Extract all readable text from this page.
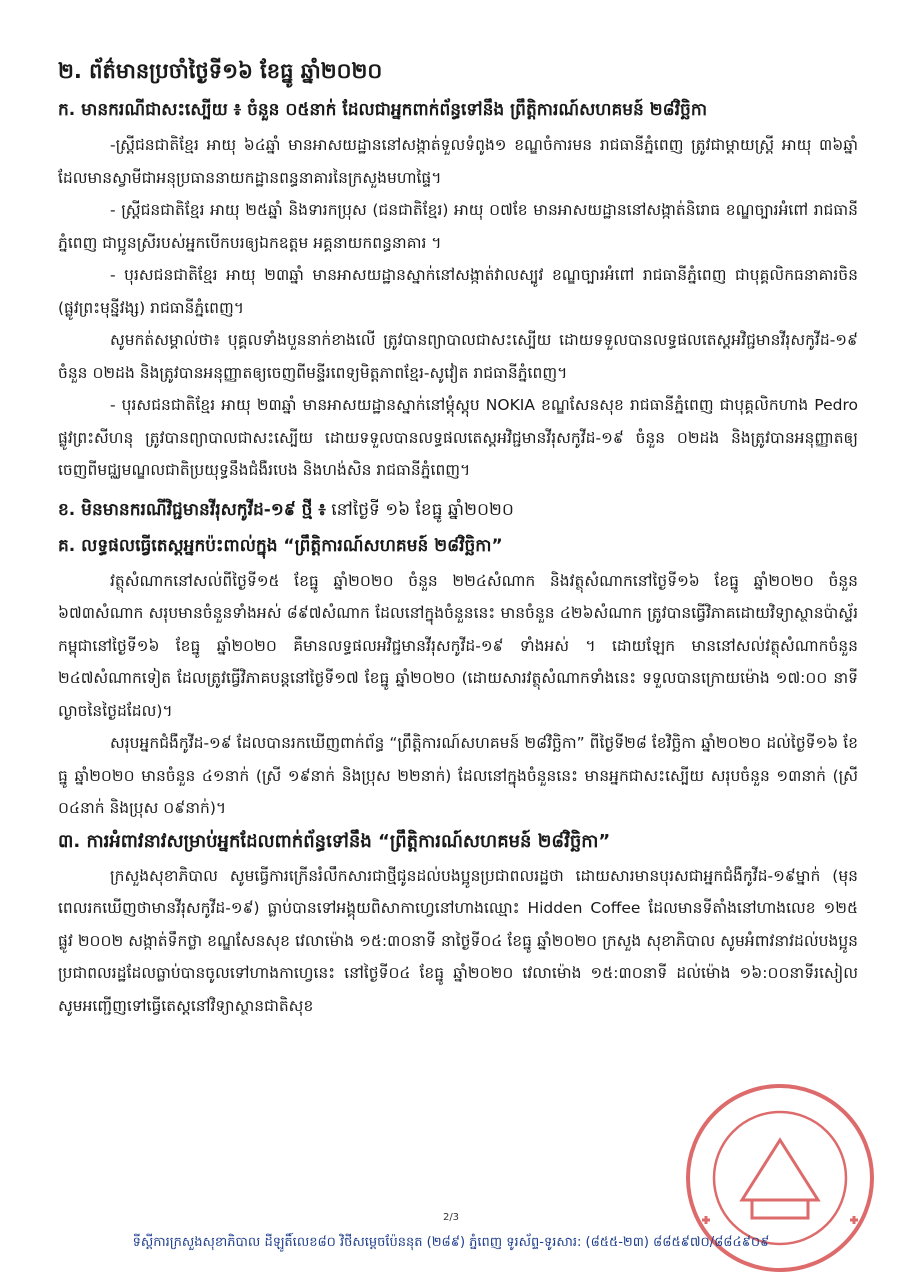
២. ព័ត៌មានប្រចាំថ្ងៃទី១៦ ខែធ្នូ ឆ្នាំ២០២០
ក. មានករណីជាសះស្បើយ ៖ ចំនួន ០៥នាក់ ដែលជាអ្នកពាក់ព័ន្ធទៅនឹង ព្រឹត្តិការណ៍សហគមន៍ ២៨វិច្ឆិកា

-ស្ត្រីជនជាតិខ្មែរ អាយុ ៦៤ឆ្នាំ មានអាសយដ្ឋាននៅសង្កាត់ទួលទំពូង១ ខណ្ឌចំការមន រាជធានីភ្នំពេញ ត្រូវជាម្ដាយស្ត្រី អាយុ ៣៦ឆ្នាំ ដែលមានស្វាមីជាអនុប្រធាននាយកដ្ឋានពន្ធនាគារនៃក្រសួងមហាផ្ទៃ។

- ស្ត្រីជនជាតិខ្មែរ អាយុ ២៥ឆ្នាំ និងទារកប្រុស (ជនជាតិខ្មែរ) អាយុ ០៧ខែ មានអាសយដ្ឋាននៅសង្កាត់និរោធ ខណ្ឌច្បារអំពៅ រាជធានីភ្នំពេញ ជាប្អូនស្រីរបស់អ្នកបើកបរឲ្យឯកឧត្តម អគ្គនាយកពន្ធនាគារ ។

- បុរសជនជាតិខ្មែរ អាយុ ២៣ឆ្នាំ មានអាសយដ្ឋានស្នាក់នៅសង្កាត់វាលស្បូវ ខណ្ឌច្បារអំពៅ រាជធានីភ្នំពេញ ជាបុគ្គលិកធនាគារចិន (ផ្លូវព្រះមុន្នីវង្ស) រាជធានីភ្នំពេញ។

សូមកត់សម្គាល់ថា៖ បុគ្គលទាំងបួននាក់ខាងលើ ត្រូវបានព្យាបាលជាសះស្បើយ ដោយទទួលបានលទ្ធផលតេស្តអវិជ្ជមានវីរុសកូវីដ-១៩ ចំនួន ០២ដង និងត្រូវបានអនុញ្ញាតឲ្យចេញពីមន្ទីរពេទ្យមិត្តភាពខ្មែរ-សូវៀត រាជធានីភ្នំពេញ។

- បុរសជនជាតិខ្មែរ អាយុ ២៣ឆ្នាំ មានអាសយដ្ឋានស្នាក់នៅម្តុំស្តុប NOKIA ខណ្ឌសែនសុខ រាជធានីភ្នំពេញ ជាបុគ្គលិកហាង Pedro ផ្លូវព្រះសីហនុ ត្រូវបានព្យាបាលជាសះស្បើយ ដោយទទួលបានលទ្ធផលតេស្តអវិជ្ជមានវីរុសកូវីដ-១៩ ចំនួន ០២ដង និងត្រូវបានអនុញ្ញាតឲ្យចេញពីមជ្ឈមណ្ឌលជាតិប្រយុទ្ធនឹងជំងឺរបេង និងហង់សិន រាជធានីភ្នំពេញ។

ខ. មិនមានករណីវិជ្ជមានវីរុសកូវីដ-១៩ ថ្មី ៖ នៅថ្ងៃទី ១៦ ខែធ្នូ ឆ្នាំ២០២០
គ. លទ្ធផលធ្វើតេស្តអ្នកប៉ះពាល់ក្នុង “ព្រឹត្តិការណ៍សហគមន៍ ២៨វិច្ឆិកា”

វត្ថុសំណាកនៅសល់ពីថ្ងៃទី១៥ ខែធ្នូ ឆ្នាំ២០២០ ចំនួន ២២៤សំណាក និងវត្ថុសំណាកនៅថ្ងៃទី១៦ ខែធ្នូ ឆ្នាំ២០២០ ចំនួន ៦៧៣សំណាក សរុបមានចំនួនទាំងអស់ ៨៩៧សំណាក ដែលនៅក្នុងចំនួននេះ មានចំនួន ៤២៦សំណាក ត្រូវបានធ្វើវិភាគដោយវិទ្យាស្ថានប៉ាស្ទ័រកម្ពុជានៅថ្ងៃទី១៦ ខែធ្នូ ឆ្នាំ២០២០ គឺមានលទ្ធផលអវិជ្ជមានវីរុសកូវីដ-១៩ ទាំងអស់ ។ ដោយឡែក មាននៅសល់វត្ថុសំណាកចំនួន ២៤៧សំណាកទៀត ដែលត្រូវធ្វើវិភាគបន្តនៅថ្ងៃទី១៧ ខែធ្នូ ឆ្នាំ២០២០ (ដោយសារវត្ថុសំណាកទាំងនេះ ទទួលបានក្រោយម៉ោង ១៧:០០ នាទីល្ងាចនៃថ្ងៃដដែល)។

សរុបអ្នកជំងឺកូវីដ-១៩ ដែលបានរកឃើញពាក់ព័ន្ធ “ព្រឹត្តិការណ៍សហគមន៍ ២៨វិច្ឆិកា” ពីថ្ងៃទី២៨ ខែវិច្ឆិកា ឆ្នាំ២០២០ ដល់ថ្ងៃទី១៦ ខែធ្នូ ឆ្នាំ២០២០ មានចំនួន ៤១នាក់ (ស្រី ១៩នាក់ និងប្រុស ២២នាក់) ដែលនៅក្នុងចំនួននេះ មានអ្នកជាសះស្បើយ សរុបចំនួន ១៣នាក់ (ស្រី ០៤នាក់ និងប្រុស ០៩នាក់)។

៣. ការអំពាវនាវសម្រាប់អ្នកដែលពាក់ព័ន្ធទៅនឹង “ព្រឹត្តិការណ៍សហគមន៍ ២៨វិច្ឆិកា”

ក្រសួងសុខាភិបាល សូមធ្វើការក្រើនរំលឹកសារជាថ្មីជូនដល់បងប្អូនប្រជាពលរដ្ឋថា ដោយសារមានបុរសជាអ្នកជំងឺកូវីដ-១៩ម្នាក់ (មុនពេលរកឃើញថាមានវីរុសកូវីដ-១៩) ធ្លាប់បានទៅអង្គុយពិសាកាហ្វេនៅហាងឈ្មោះ Hidden Coffee ដែលមានទីតាំងនៅហាងលេខ ១២៥ ផ្លូវ ២០០២ សង្កាត់ទឹកថ្លា ខណ្ឌសែនសុខ វេលាម៉ោង ១៥:៣០នាទី នាថ្ងៃទី០៤ ខែធ្នូ ឆ្នាំ២០២០ ក្រសួង សុខាភិបាល សូមអំពាវនាវដល់បងប្អូនប្រជាពលរដ្ឋដែលធ្លាប់បានចូលទៅហាងកាហ្វេនេះ នៅថ្ងៃទី០៤ ខែធ្នូ ឆ្នាំ២០២០ វេលាម៉ោង ១៥:៣០នាទី ដល់ម៉ោង ១៦:០០នាទីរសៀល សូមអញ្ជើញទៅធ្វើតេស្តនៅវិទ្យាស្ថានជាតិសុខ

2/3
ទីស្តីការក្រសួងសុខាភិបាល ដីឡូតិ៍លេខ៨០ វិថីសម្តេចប៉ែននុត (២៨៩) ភ្នំពេញ ទូរស័ព្ទ-ទូរសារ: (៨៥៥-២៣) ៨៨៥៩៧០/៨៨៤៩០៩
